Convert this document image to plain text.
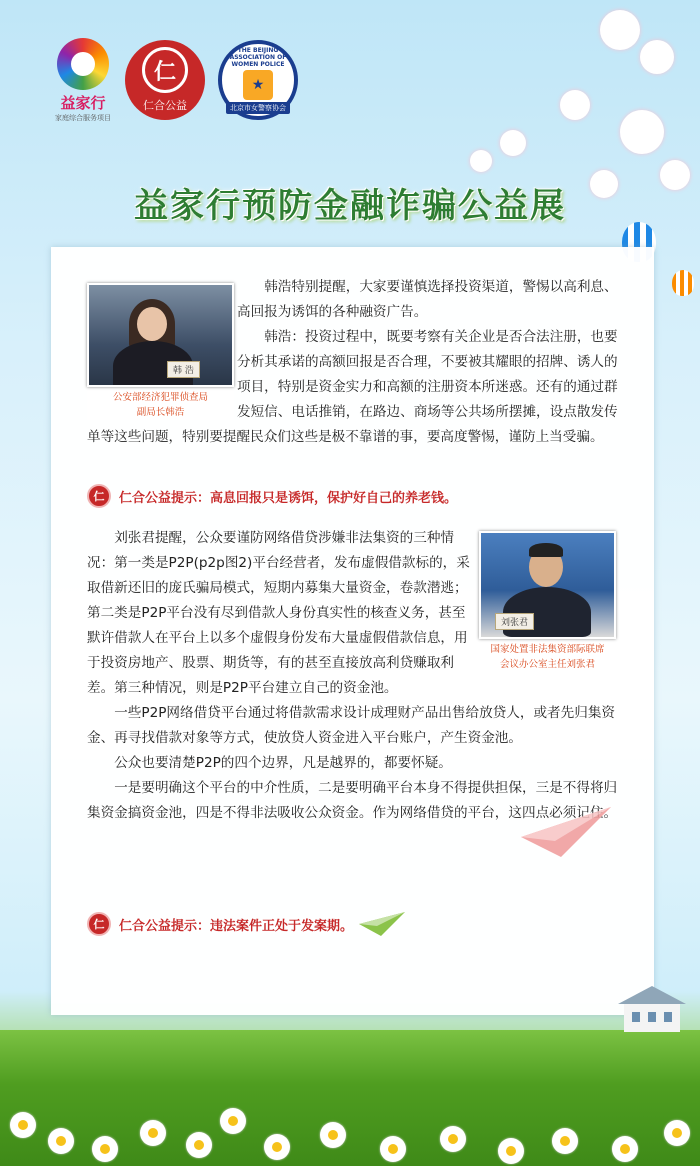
益家行
家庭综合服务项目
仁
仁合公益
THE BEIJING ASSOCIATION OF WOMEN POLICE
★
北京市女警察协会
益家行预防金融诈骗公益展
韩 浩
公安部经济犯罪侦查局
副局长韩浩

韩浩特别提醒，大家要谨慎选择投资渠道，警惕以高利息、高回报为诱饵的各种融资广告。

韩浩：投资过程中，既要考察有关企业是否合法注册，也要分析其承诺的高额回报是否合理，不要被其耀眼的招牌、诱人的项目，特别是资金实力和高额的注册资本所迷惑。还有的通过群发短信、电话推销，在路边、商场等公共场所摆摊，设点散发传单等这些问题，特别要提醒民众们这些是极不靠谱的事，要高度警惕，谨防上当受骗。

仁	仁合公益提示：高息回报只是诱饵，保护好自己的养老钱。
刘张君
国家处置非法集资部际联席
会议办公室主任刘张君

刘张君提醒，公众要谨防网络借贷涉嫌非法集资的三种情况：第一类是P2P(p2p图2)平台经营者，发布虚假借款标的，采取借新还旧的庞氏骗局模式，短期内募集大量资金，卷款潜逃；第二类是P2P平台没有尽到借款人身份真实性的核查义务，甚至默许借款人在平台上以多个虚假身份发布大量虚假借款信息，用于投资房地产、股票、期货等，有的甚至直接放高利贷赚取利差。第三种情况，则是P2P平台建立自己的资金池。

一些P2P网络借贷平台通过将借款需求设计成理财产品出售给放贷人，或者先归集资金、再寻找借款对象等方式，使放贷人资金进入平台账户，产生资金池。

公众也要清楚P2P的四个边界，凡是越界的，都要怀疑。

一是要明确这个平台的中介性质，二是要明确平台本身不得提供担保，三是不得将归集资金搞资金池，四是不得非法吸收公众资金。作为网络借贷的平台，这四点必须记住。

仁	仁合公益提示：违法案件正处于发案期。
